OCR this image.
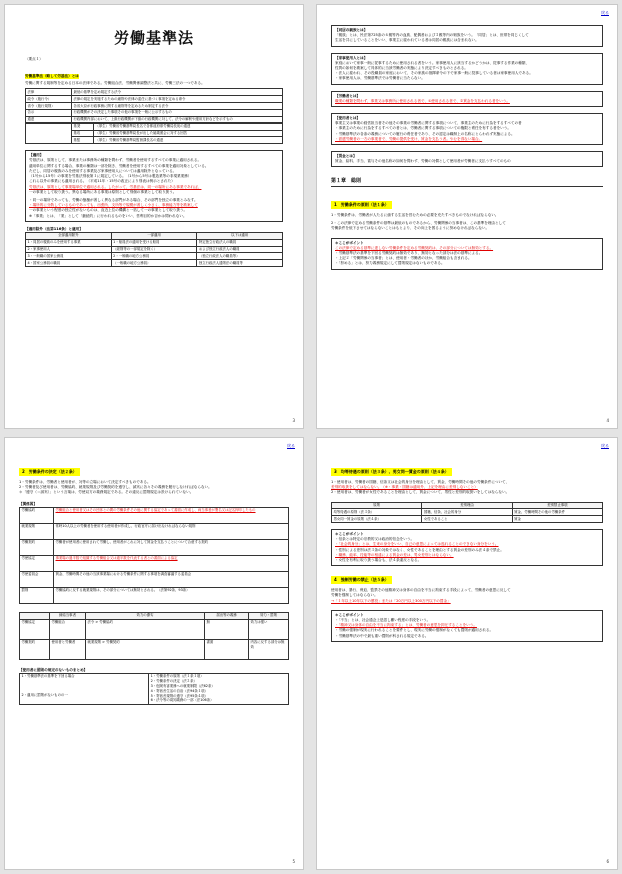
労働基準法
〈要点１〉
労働基準法（略して労基法）とは
労働に関する規制等を定める日本の法律である。労働組合法、労働関係調整法と共に、労働三法の一つである。
法律	最低の基準を定め規定する法令
政令（施行令）	法律の規定を実施するための細則や法律の委任に基づく事項を定める命令
省令（施行規則）	各省大臣が行政事務に関する細則等を定めるため制定する法令
告示	行政機関がその決定した事項その他の事項を一般に公示するもの
通達	行政機関内部において、上級行政機関が下級の行政機関に対して、法令の解釈や運用方針などを示すもの
	基発	（厚生）労働省労働基準局長名で各都道府県労働局長宛の通達
	基収	（厚生）労働省労働基準局長が出した疑義照会に対する回答
	基監	（厚生）労働省労働基準局監督課長名の通達
【適用】
労基法は、原則として、事業または事務所の種類を問わず、労働者を使用するすべての事業に適用される。
適用単位に関するする場合、事業の種類は一部を除き、労働者を使用するすべての事業を適用対象としている。
ただし、同居の親族のみを使用する事業及び家事使用人については適用除外となっている。
（1号から15号）の事業を労基法別表第１に規定している。（1号から5号は製造業等の非現業業務）
これら以外の事業にも適用される。（平成11年・15号の改正により別表は例示とされた）
労基法は、原則として事業場単位で適用される。したがって、労基法は、同一の場所にある事業であれば、
一の事業として取り扱う。異なる場所にある事業は原則として別個の事業として取り扱う。
・同一の場所であっても、労働の態様が著しく異なる部門がある場合、その部門を独立の事業とみなす。
・場所的に分散しているものであっても、出張所、支所等で規模が著しく小さく、事務能力等を勘案して
一の事業という程度の独立性がないものは、直近上位の機構と一括して一の事業として取り扱う。
※「事業」とは、「業」として「継続的」に行われるものをいい、営利目的か否かは問われない。
【適用除外（法第116条）と適用】
全部適用除外	一部適用	以下は適用
1・同居の親族のみを使用する事業	1・船員法の適用を受ける船員	特定独立行政法人の職員
2・家事使用人	（総則等の一部規定を除く）	および独立行政法人の職員
3・一般職の国家公務員	2・一般職の地方公務員	（独立行政法人の職員等）
4・国家公務員の職員	（一般職の地方公務員）	独立行政法人通則法の職員等
3
戻る
【同居の親族とは】
「親族」とは、民法第725条の６親等内の血族、配偶者および３親等内の姻族をいう。「同居」とは、世帯を同じくして
生活を共にしていることをいい、事業主に雇われている者は同居の親族には含まれない。
【家事使用人とは】
家庭において家事一般に従事するために使用される者をいう。家事使用人に該当するかどうかは、従事する作業の種類、
性質の如何を勘案して具体的に当該労働者の実態により決定すべきものとされる。
・法人に雇われ、その役職員の家庭において、その家族の指揮命令の下で家事一般に従事している者は家事使用人である。
・家事使用人は、労働基準法では労働者に当たらない。
【労働者とは】
職業の種類を問わず、事業又は事務所に使用される者で、①使用される者で、②賃金を支払われる者をいう。
【使用者とは】
事業主又は事業の経営担当者その他その事業の労働者に関する事項について、事業主のために行為をするすべての者
・事業主のために行為をするすべての者とは、労働者に関する事項についての権限と責任を有する者をいう。
・労働基準法の各条の義務についての履行の責任者であり、その認定は職制上の名称にとらわれず実態による。
・派遣労働者の一方の事業者で、労働の提供を受け、賃金を支払う者。やむを得ない場合。
【賃金とは】
賃金、給料、手当、賞与その他名称の如何を問わず、労働の対償として使用者が労働者に支払うすべてのもの
第１章　総則
1　労働条件の原則（法１条）
1・労働条件は、労働者が人たるに値する生活を営むための必要を充たすべきものでなければならない。
2・この法律で定める労働条件の基準は最低のものであるから、労働関係の当事者は、この基準を理由として
労働条件を低下させてはならないことはもとより、その向上を図るように努めなければならない。
＊ここがポイント
この法律で定める基準に達しない労働条件を定める労働契約は、その部分については無効とする。
・労働基準法の基準を下回る労働契約は無効であり、無効となった部分は法の基準による。
・上記２「労働関係の当事者」とは、使用者・労働者のほか、労働組合も含まれる。
・「努める」とは、努力義務規定にして罰則規定はないものである。
4
戻る
2　労働条件の決定（法２条）
1・労働条件は、労働者と使用者が、対等の立場において決定すべきものである。
2・労働者及び使用者は、労働協約、就業規則及び労働契約を遵守し、誠実に各々その義務を履行しなければならない。
＊「遵守（＝誠実）」という言葉は、労使双方の義務規定である。その違反に罰則規定は設けられていない。
【関係図】
労働協約	労働組合と使用者又はその団体との間の労働条件その他に関する協定であって書面に作成し、両当事者が署名又は記名押印したもの
就業規則	常時10人以上の労働者を使用する使用者が作成し、行政官庁に届け出なければならない規則
労働契約	労働者が使用者に使用されて労働し、使用者がこれに対して賃金を支払うことについて合意する契約
労使協定	事業場の過半数で組織する労働組合又は過半数を代表する者との書面による協定
労使委員会	賃金、労働時間その他の当該事業場における労働条件に関する事項を調査審議する委員会
罰則	労働協約に反する就業規則は、その部分については無効とされる。（法第92条、93条）
	締結当事者	効力の優劣	届出等の義務	効力・罰則
労働協定	労働組合	法令 > 労働協約	無	効力は強い
労働契約	使用者と労働者	就業規則 > 労働契約	書面	内容に反する部分は無効
【使用者に罰則の規定のないものまとめ】
1・労働基準法の基準を下回る場合
2・適用に罰則がないものの一

1・労働条件の原則（法１条１項）
2・労働条件の決定（法２条）
3・危険有害業務への就業制限（法62条）
4・寄宿舎生活の自治（法94条１項）
5・寄宿舎規則の遵守（法95条４項）
6・法令等の周知義務の一部（法106条）
5
戻る
3　均等待遇の原則（法３条）、男女同一賃金の原則（法４条）
1・使用者は、労働者の国籍、信条又は社会的身分を理由として、賃金、労働時間その他の労働条件について、
差別的取扱をしてはならない。（※・事業・国籍は適用外、上記を理由に差別しないこと）
2・使用者は、労働者が女性であることを理由として、賃金について、男性と差別的取扱いをしてはならない。
原則	差別理由	差別禁止事項
均等待遇の原則（法３条）	国籍、信条、社会的身分	賃金、労働時間その他の労働条件
男女同一賃金の原則（法４条）	女性であること	賃金
＊ここがポイント
・信条とは特定の宗教的又は政治的信念をいう。
・「社会的身分」とは、生来の身分をいい、自己の意思によっては逃れることのできない身分をいう。
・性別による差別は法３条の対象ではなく、女性であることを理由とする賃金の差別のみ法４条で禁止。
・職務、能率、技能等の相違による賃金の差は、男女差別とはならない。
・女性を有利に取り扱う場合も、法４条違反となる。
4　強制労働の禁止（法５条）
使用者は、暴行、脅迫、監禁その他精神又は身体の自由を不当に拘束する手段によって、労働者の意思に反して
労働を強制してはならない。
→「１年以上10年以下の懲役」または「20万円以上300万円以下の罰金」
＊ここがポイント
・「不当」とは、社会通念上是認し難い程度の手段をいう。
・「精神又は身体の自由を不当に拘束する」とは、労働者の意思を抑圧することをいう。
・労働の強制が現実に行われることを要件とし、現実に労働の強制がなくても罰則が適用される。
・労働基準法の中で最も重い罰則が科される規定である。
6
